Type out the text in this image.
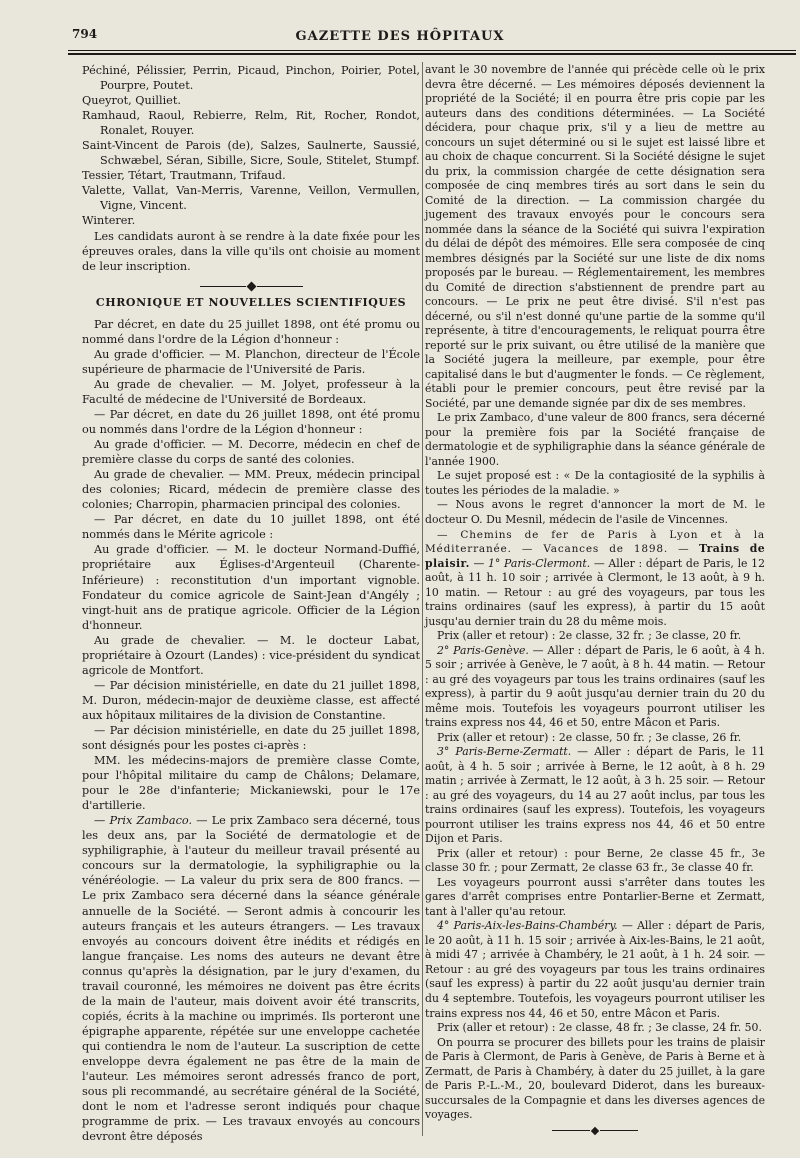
794	GAZETTE DES HÔPITAUX

Péchiné, Pélissier, Perrin, Picaud, Pinchon, Poirier, Potel, Pourpre, Poutet.

Queyrot, Quilliet.

Ramhaud, Raoul, Rebierre, Relm, Rit, Rocher, Rondot, Ronalet, Rouyer.

Saint-Vincent de Parois (de), Salzes, Saulnerte, Saussié, Schwæbel, Séran, Sibille, Sicre, Soule, Stitelet, Stumpf.

Tessier, Tétart, Trautmann, Trifaud.

Valette, Vallat, Van-Merris, Varenne, Veillon, Vermullen, Vigne, Vincent.

Winterer.

Les candidats auront à se rendre à la date fixée pour les épreuves orales, dans la ville qu'ils ont choisie au moment de leur inscription.

CHRONIQUE ET NOUVELLES SCIENTIFIQUES

Par décret, en date du 25 juillet 1898, ont été promu ou nommé dans l'ordre de la Légion d'honneur :

Au grade d'officier. — M. Planchon, directeur de l'École supérieure de pharmacie de l'Université de Paris.

Au grade de chevalier. — M. Jolyet, professeur à la Faculté de médecine de l'Université de Bordeaux.

— Par décret, en date du 26 juillet 1898, ont été promu ou nommés dans l'ordre de la Légion d'honneur :

Au grade d'officier. — M. Decorre, médecin en chef de première classe du corps de santé des colonies.

Au grade de chevalier. — MM. Preux, médecin principal des colonies; Ricard, médecin de première classe des colonies; Charropin, pharmacien principal des colonies.

— Par décret, en date du 10 juillet 1898, ont été nommés dans le Mérite agricole :

Au grade d'officier. — M. le docteur Normand-Duffié, propriétaire aux Églises-d'Argenteuil (Charente-Inférieure) : reconstitution d'un important vignoble. Fondateur du comice agricole de Saint-Jean d'Angély ; vingt-huit ans de pratique agricole. Officier de la Légion d'honneur.

Au grade de chevalier. — M. le docteur Labat, propriétaire à Ozourt (Landes) : vice-président du syndicat agricole de Montfort.

— Par décision ministérielle, en date du 21 juillet 1898, M. Duron, médecin-major de deuxième classe, est affecté aux hôpitaux militaires de la division de Constantine.

— Par décision ministérielle, en date du 25 juillet 1898, sont désignés pour les postes ci-après :

MM. les médecins-majors de première classe Comte, pour l'hôpital militaire du camp de Châlons; Delamare, pour le 28e d'infanterie; Mickaniewski, pour le 17e d'artillerie.

— Prix Zambaco. — Le prix Zambaco sera décerné, tous les deux ans, par la Société de dermatologie et de syphiligraphie, à l'auteur du meilleur travail présenté au concours sur la dermatologie, la syphiligraphie ou la vénéréologie. — La valeur du prix sera de 800 francs. — Le prix Zambaco sera décerné dans la séance générale annuelle de la Société. — Seront admis à concourir les auteurs français et les auteurs étrangers. — Les travaux envoyés au concours doivent être inédits et rédigés en langue française. Les noms des auteurs ne devant être connus qu'après la désignation, par le jury d'examen, du travail couronné, les mémoires ne doivent pas être écrits de la main de l'auteur, mais doivent avoir été transcrits, copiés, écrits à la machine ou imprimés. Ils porteront une épigraphe apparente, répétée sur une enveloppe cachetée qui contiendra le nom de l'auteur. La suscription de cette enveloppe devra également ne pas être de la main de l'auteur. Les mémoires seront adressés franco de port, sous pli recommandé, au secrétaire général de la Société, dont le nom et l'adresse seront indiqués pour chaque programme de prix. — Les travaux envoyés au concours devront être déposés

avant le 30 novembre de l'année qui précède celle où le prix devra être décerné. — Les mémoires déposés deviennent la propriété de la Société; il en pourra être pris copie par les auteurs dans des conditions déterminées. — La Société décidera, pour chaque prix, s'il y a lieu de mettre au concours un sujet déterminé ou si le sujet est laissé libre et au choix de chaque concurrent. Si la Société désigne le sujet du prix, la commission chargée de cette désignation sera composée de cinq membres tirés au sort dans le sein du Comité de la direction. — La commission chargée du jugement des travaux envoyés pour le concours sera nommée dans la séance de la Société qui suivra l'expiration du délai de dépôt des mémoires. Elle sera composée de cinq membres désignés par la Société sur une liste de dix noms proposés par le bureau. — Réglementairement, les membres du Comité de direction s'abstiennent de prendre part au concours. — Le prix ne peut être divisé. S'il n'est pas décerné, ou s'il n'est donné qu'une partie de la somme qu'il représente, à titre d'encouragements, le reliquat pourra être reporté sur le prix suivant, ou être utilisé de la manière que la Société jugera la meilleure, par exemple, pour être capitalisé dans le but d'augmenter le fonds. — Ce règlement, établi pour le premier concours, peut être revisé par la Société, par une demande signée par dix de ses membres.

Le prix Zambaco, d'une valeur de 800 francs, sera décerné pour la première fois par la Société française de dermatologie et de syphiligraphie dans la séance générale de l'année 1900.

Le sujet proposé est : « De la contagiosité de la syphilis à toutes les périodes de la maladie. »

— Nous avons le regret d'annoncer la mort de M. le docteur O. Du Mesnil, médecin de l'asile de Vincennes.

— Chemins de fer de Paris à Lyon et à la Méditerranée. — Vacances de 1898. — Trains de plaisir. — 1° Paris-Clermont. — Aller : départ de Paris, le 12 août, à 11 h. 10 soir ; arrivée à Clermont, le 13 août, à 9 h. 10 matin. — Retour : au gré des voyageurs, par tous les trains ordinaires (sauf les express), à partir du 15 août jusqu'au dernier train du 28 du même mois.

Prix (aller et retour) : 2e classe, 32 fr. ; 3e classe, 20 fr.

2° Paris-Genève. — Aller : départ de Paris, le 6 août, à 4 h. 5 soir ; arrivée à Genève, le 7 août, à 8 h. 44 matin. — Retour : au gré des voyageurs par tous les trains ordinaires (sauf les express), à partir du 9 août jusqu'au dernier train du 20 du même mois. Toutefois les voyageurs pourront utiliser les trains express nos 44, 46 et 50, entre Mâcon et Paris.

Prix (aller et retour) : 2e classe, 50 fr. ; 3e classe, 26 fr.

3° Paris-Berne-Zermatt. — Aller : départ de Paris, le 11 août, à 4 h. 5 soir ; arrivée à Berne, le 12 août, à 8 h. 29 matin ; arrivée à Zermatt, le 12 août, à 3 h. 25 soir. — Retour : au gré des voyageurs, du 14 au 27 août inclus, par tous les trains ordinaires (sauf les express). Toutefois, les voyageurs pourront utiliser les trains express nos 44, 46 et 50 entre Dijon et Paris.

Prix (aller et retour) : pour Berne, 2e classe 45 fr., 3e classe 30 fr. ; pour Zermatt, 2e classe 63 fr., 3e classe 40 fr.

Les voyageurs pourront aussi s'arrêter dans toutes les gares d'arrêt comprises entre Pontarlier-Berne et Zermatt, tant à l'aller qu'au retour.

4° Paris-Aix-les-Bains-Chambéry. — Aller : départ de Paris, le 20 août, à 11 h. 15 soir ; arrivée à Aix-les-Bains, le 21 août, à midi 47 ; arrivée à Chambéry, le 21 août, à 1 h. 24 soir. — Retour : au gré des voyageurs par tous les trains ordinaires (sauf les express) à partir du 22 août jusqu'au dernier train du 4 septembre. Toutefois, les voyageurs pourront utiliser les trains express nos 44, 46 et 50, entre Mâcon et Paris.

Prix (aller et retour) : 2e classe, 48 fr. ; 3e classe, 24 fr. 50.

On pourra se procurer des billets pour les trains de plaisir de Paris à Clermont, de Paris à Genève, de Paris à Berne et à Zermatt, de Paris à Chambéry, à dater du 25 juillet, à la gare de Paris P.-L.-M., 20, boulevard Diderot, dans les bureaux-succursales de la Compagnie et dans les diverses agences de voyages.
